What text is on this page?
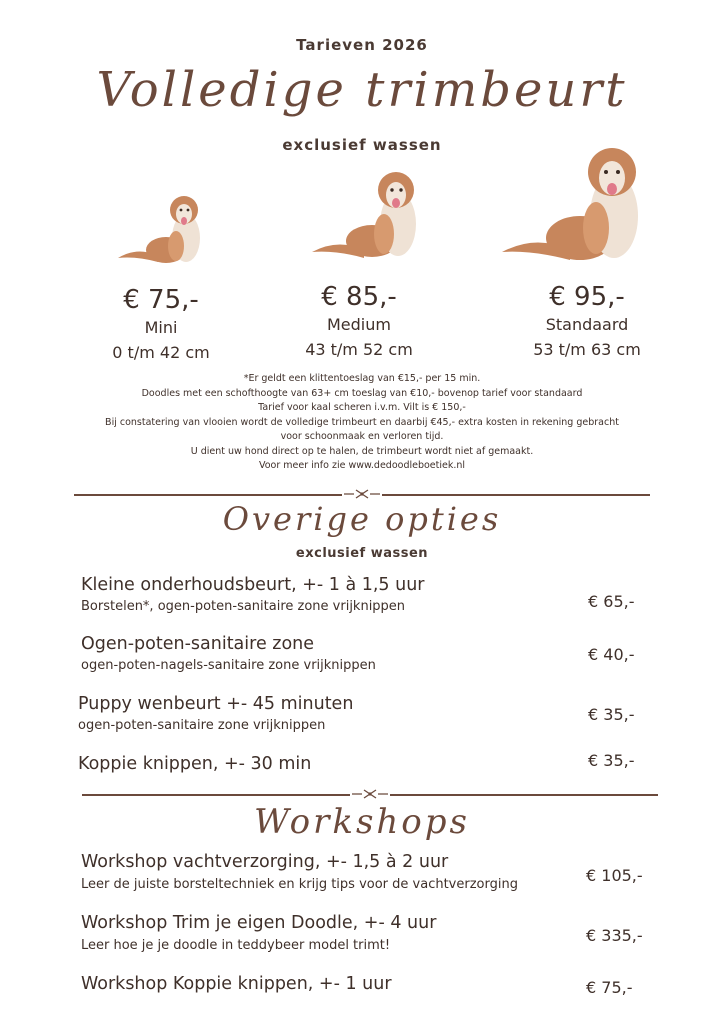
Tarieven 2026
Volledige trimbeurt
exclusief wassen
€ 75,-
Mini
0 t/m 42 cm
€ 85,-
Medium
43 t/m 52 cm
€ 95,-
Standaard
53 t/m 63 cm
*Er geldt een klittentoeslag van €15,- per 15 min.
Doodles met een schofthoogte van 63+ cm toeslag van €10,- bovenop tarief voor standaard
Tarief voor kaal scheren i.v.m. Vilt is € 150,-
Bij constatering van vlooien wordt de volledige trimbeurt en daarbij €45,- extra kosten in rekening gebracht
voor schoonmaak en verloren tijd.
U dient uw hond direct op te halen, de trimbeurt wordt niet af gemaakt.
Voor meer info zie www.dedoodleboetiek.nl
Overige opties
exclusief wassen
Kleine onderhoudsbeurt, +- 1 à 1,5 uur
Borstelen*, ogen-poten-sanitaire zone vrijknippen	€ 65,-
Ogen-poten-sanitaire zone
ogen-poten-nagels-sanitaire zone vrijknippen
€ 40,-
Puppy wenbeurt +- 45 minuten
ogen-poten-sanitaire zone vrijknippen
€ 35,-
Koppie knippen, +- 30 min	€ 35,-
Workshops
Workshop vachtverzorging, +- 1,5 à 2 uur
Leer de juiste borsteltechniek en krijg tips voor de vachtverzorging	€ 105,-
Workshop Trim je eigen Doodle, +- 4 uur
Leer hoe je je doodle in teddybeer model trimt!
€ 335,-
Workshop Koppie knippen, +- 1 uur	€ 75,-
